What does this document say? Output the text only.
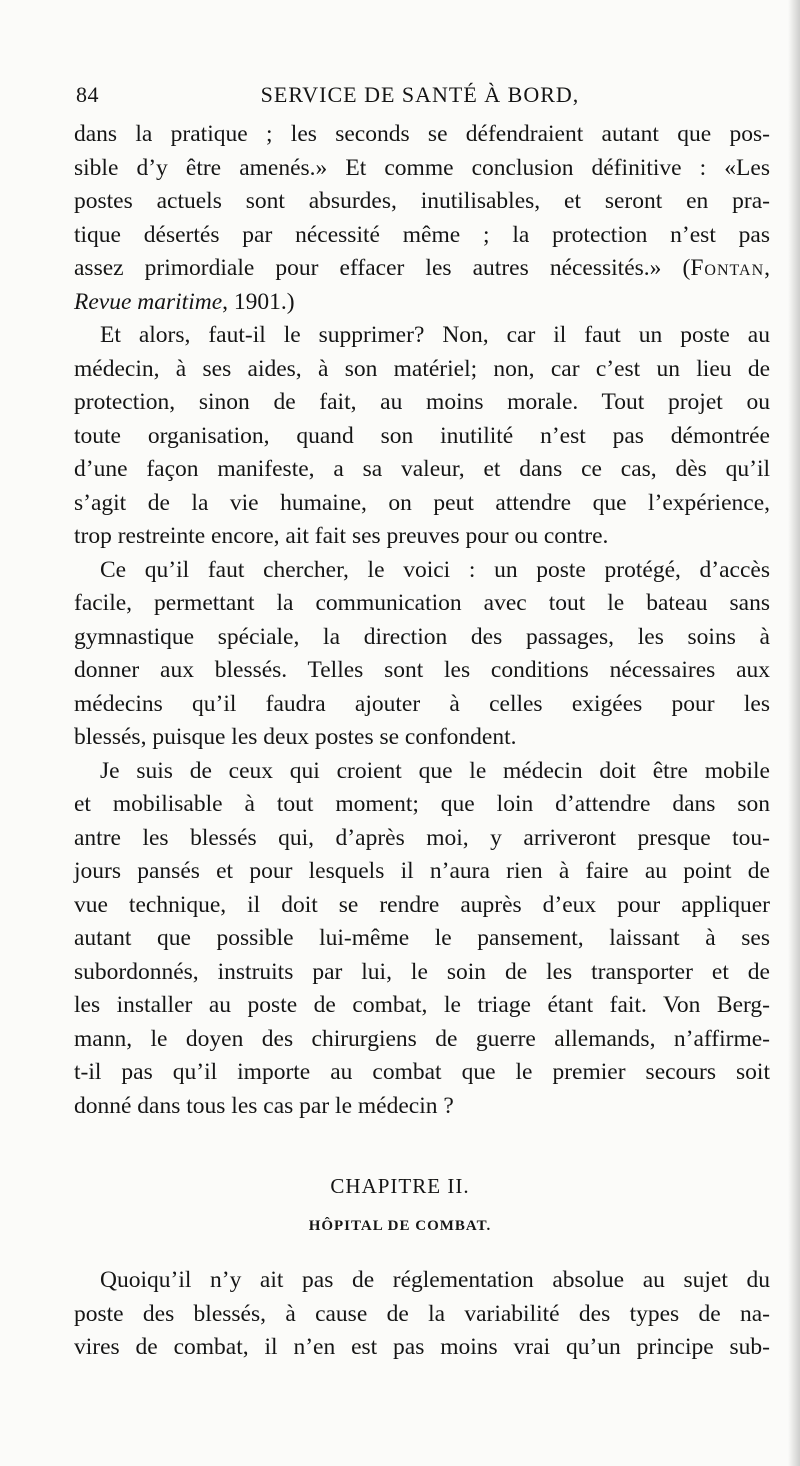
84	SERVICE DE SANTÉ À BORD,
dans la pratique ; les seconds se défendraient autant que pos-
sible d’y être amenés.» Et comme conclusion définitive : «Les
postes actuels sont absurdes, inutilisables, et seront en pra-
tique désertés par nécessité même ; la protection n’est pas
assez primordiale pour effacer les autres nécessités.» (Fontan,
Revue maritime, 1901.)
Et alors, faut-il le supprimer? Non, car il faut un poste au
médecin, à ses aides, à son matériel; non, car c’est un lieu de
protection, sinon de fait, au moins morale. Tout projet ou
toute organisation, quand son inutilité n’est pas démontrée
d’une façon manifeste, a sa valeur, et dans ce cas, dès qu’il
s’agit de la vie humaine, on peut attendre que l’expérience,
trop restreinte encore, ait fait ses preuves pour ou contre.
Ce qu’il faut chercher, le voici : un poste protégé, d’accès
facile, permettant la communication avec tout le bateau sans
gymnastique spéciale, la direction des passages, les soins à
donner aux blessés. Telles sont les conditions nécessaires aux
médecins qu’il faudra ajouter à celles exigées pour les
blessés, puisque les deux postes se confondent.
Je suis de ceux qui croient que le médecin doit être mobile
et mobilisable à tout moment; que loin d’attendre dans son
antre les blessés qui, d’après moi, y arriveront presque tou-
jours pansés et pour lesquels il n’aura rien à faire au point de
vue technique, il doit se rendre auprès d’eux pour appliquer
autant que possible lui-même le pansement, laissant à ses
subordonnés, instruits par lui, le soin de les transporter et de
les installer au poste de combat, le triage étant fait. Von Berg-
mann, le doyen des chirurgiens de guerre allemands, n’affirme-
t-il pas qu’il importe au combat que le premier secours soit
donné dans tous les cas par le médecin ?
CHAPITRE II.
HÔPITAL DE COMBAT.
Quoiqu’il n’y ait pas de réglementation absolue au sujet du
poste des blessés, à cause de la variabilité des types de na-
vires de combat, il n’en est pas moins vrai qu’un principe sub-
